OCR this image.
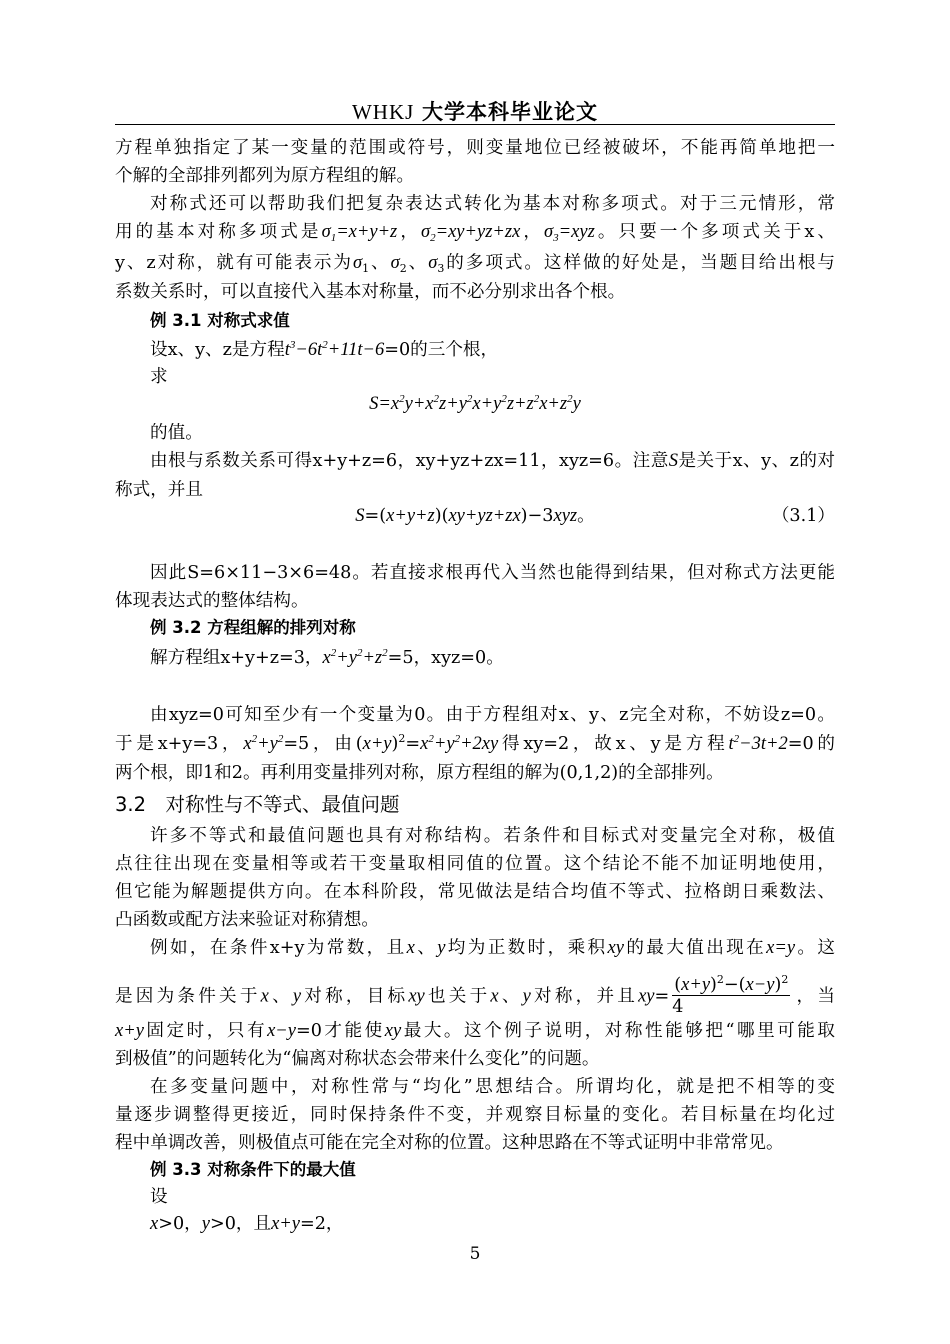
WHKJ 大学本科毕业论文
方程单独指定了某一变量的范围或符号，则变量地位已经被破坏，不能再简单地把一
个解的全部排列都列为原方程组的解。
对称式还可以帮助我们把复杂表达式转化为基本对称多项式。对于三元情形，常
用的基本对称多项式是$\sigma_1=x+y+z$，$\sigma_2=xy+yz+zx$，$\sigma_3=xyz$。只要一个多项式关于x、
y、z对称，就有可能表示为$\sigma_1$、$\sigma_2$、$\sigma_3$的多项式。这样做的好处是，当题目给出根与
系数关系时，可以直接代入基本对称量，而不必分别求出各个根。
例 3.1 对称式求值
设x、y、z是方程$t^3-6t^2+11t-6=0$的三个根，
求
$S=x^2y+x^2z+y^2x+y^2z+z^2x+z^2y$
的值。
由根与系数关系可得x+y+z=6，xy+yz+zx=11，xyz=6。注意S是关于x、y、z的对
称式，并且
S=(x+y+z)(xy+yz+zx)−3xyz。	（3.1）
因此S=6×11−3×6=48。若直接求根再代入当然也能得到结果，但对称式方法更能
体现表达式的整体结构。
例 3.2 方程组解的排列对称
解方程组x+y+z=3，$x^2+y^2+z^2=5$，xyz=0。
由xyz=0可知至少有一个变量为0。由于方程组对x、y、z完全对称，不妨设z=0。
于是x+y=3，$x^2+y^2=5$，由$(x+y)^2=x^2+y^2+2xy$得xy=2，故x、y是方程$t^2-3t+2=0$的
两个根，即1和2。再利用变量排列对称，原方程组的解为(0,1,2)的全部排列。
3.2　对称性与不等式、最值问题
许多不等式和最值问题也具有对称结构。若条件和目标式对变量完全对称，极值
点往往出现在变量相等或若干变量取相同值的位置。这个结论不能不加证明地使用，
但它能为解题提供方向。在本科阶段，常见做法是结合均值不等式、拉格朗日乘数法、
凸函数或配方法来验证对称猜想。
例如，在条件x+y为常数，且x、y均为正数时，乘积xy的最大值出现在x=y。这
是因为条件关于x、y对称，目标xy也关于x、y对称，并且$xy= \frac{(x+y)^2-(x-y)^2}{4}$ ，当
x+y固定时，只有x−y=0才能使xy最大。这个例子说明，对称性能够把“哪里可能取
到极值”的问题转化为“偏离对称状态会带来什么变化”的问题。
在多变量问题中，对称性常与“均化”思想结合。所谓均化，就是把不相等的变
量逐步调整得更接近，同时保持条件不变，并观察目标量的变化。若目标量在均化过
程中单调改善，则极值点可能在完全对称的位置。这种思路在不等式证明中非常常见。
例 3.3 对称条件下的最大值
设
x>0，y>0，且x+y=2，
5
